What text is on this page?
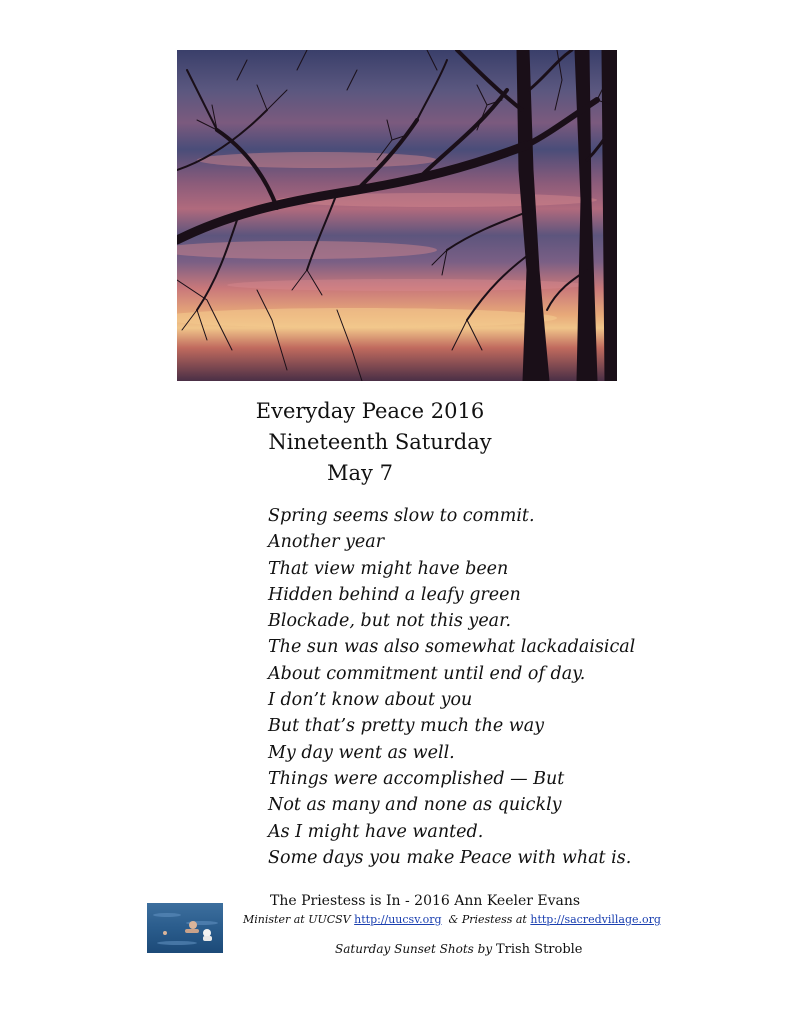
Everyday Peace 2016
Nineteenth Saturday
May 7
Spring seems slow to commit.
Another year
That view might have been
Hidden behind a leafy green
Blockade, but not this year.
The sun was also somewhat lackadaisical
About commitment until end of day.
I don’t know about you
But that’s pretty much the way
My day went as well.
Things were accomplished — But
Not as many and none as quickly
As I might have wanted.
Some days you make Peace with what is.
The Priestess is In - 2016 Ann Keeler Evans
Minister at UUCSV http://uucsv.org & Priestess at http://sacredvillage.org
Saturday Sunset Shots by Trish Stroble
